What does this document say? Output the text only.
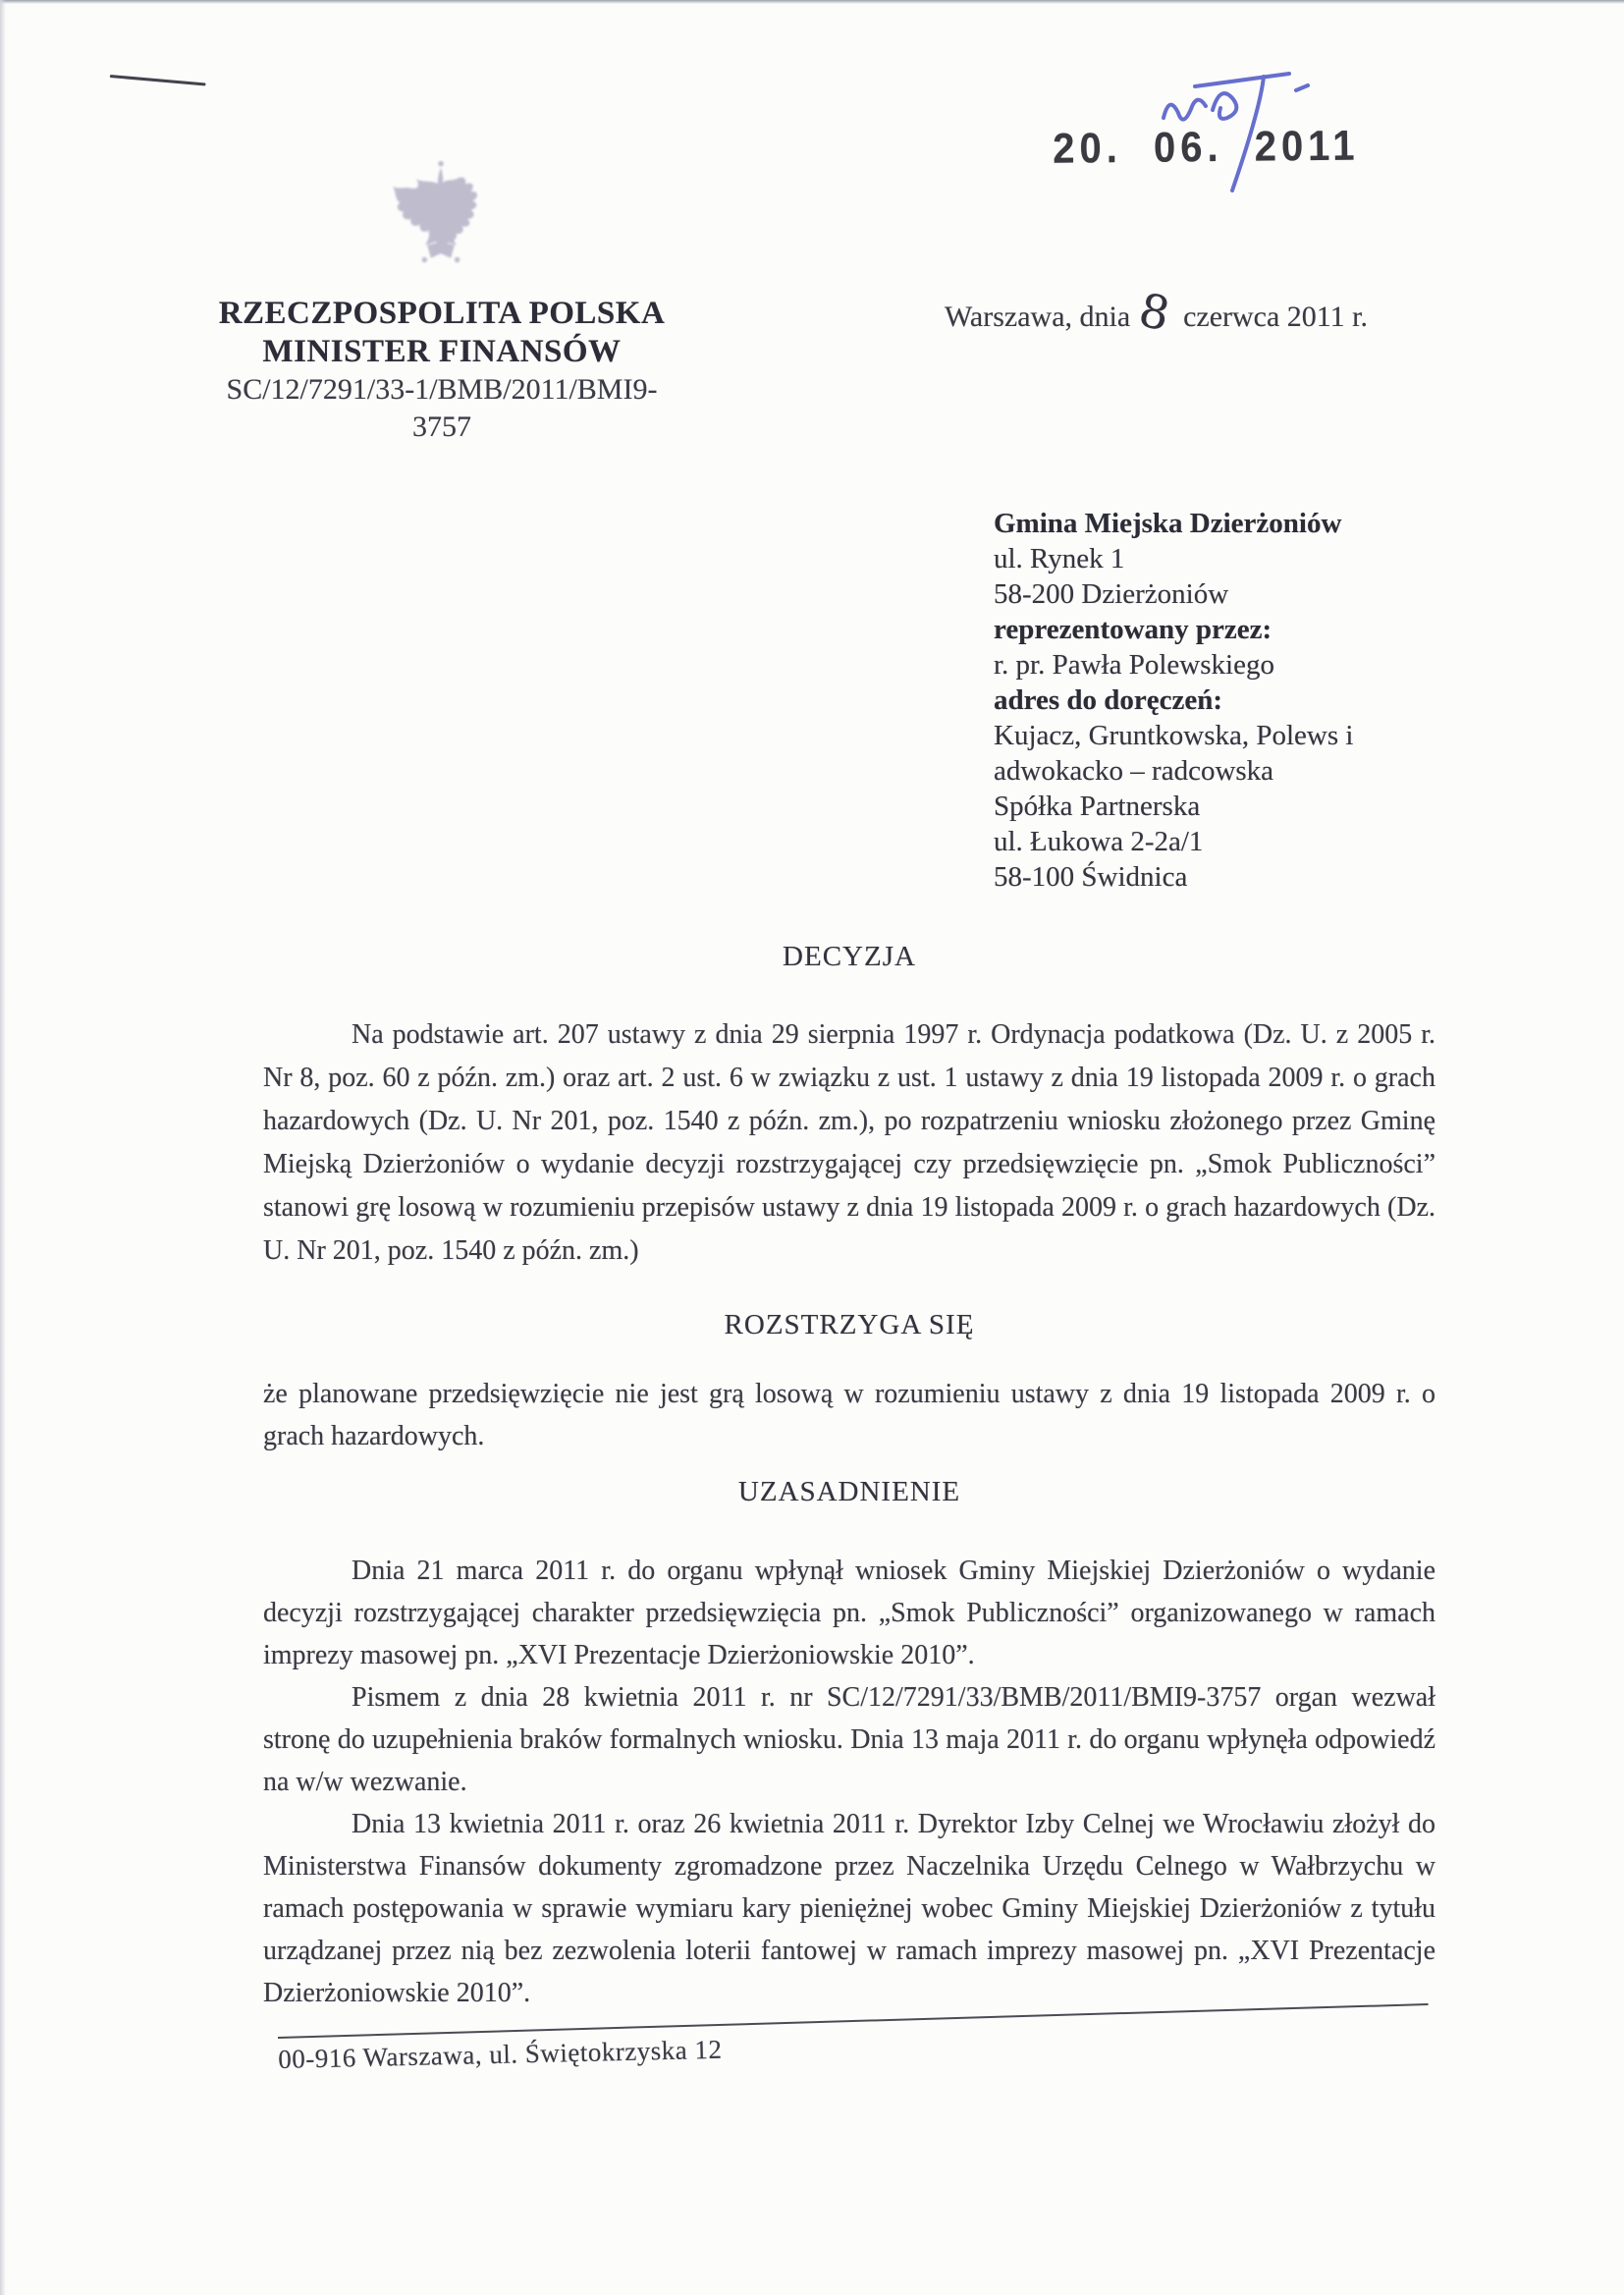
20. 06. 2011
RZECZPOSPOLITA POLSKA
MINISTER FINANSÓW
SC/12/7291/33-1/BMB/2011/BMI9-
3757
Warszawa, dnia8 czerwca 2011 r.
Gmina Miejska Dzierżoniów
ul. Rynek 1
58-200 Dzierżoniów
reprezentowany przez:
r. pr. Pawła Polewskiego
adres do doręczeń:
Kujacz, Gruntkowska, Polews i
adwokacko – radcowska
Spółka Partnerska
ul. Łukowa 2-2a/1
58-100 Świdnica
DECYZJA

Na podstawie art. 207 ustawy z dnia 29 sierpnia 1997 r. Ordynacja podatkowa (Dz. U. z 2005 r. Nr 8, poz. 60 z późn. zm.) oraz art. 2 ust. 6 w związku z ust. 1 ustawy z dnia 19 listopada 2009 r. o grach hazardowych (Dz. U. Nr 201, poz. 1540 z późn. zm.), po rozpatrzeniu wniosku złożonego przez Gminę Miejską Dzierżoniów o wydanie decyzji rozstrzygającej czy przedsięwzięcie pn. „Smok Publiczności” stanowi grę losową w rozumieniu przepisów ustawy z dnia 19 listopada 2009 r. o grach hazardowych (Dz. U. Nr 201, poz. 1540 z późn. zm.)

ROZSTRZYGA SIĘ

że planowane przedsięwzięcie nie jest grą losową w rozumieniu ustawy z dnia 19 listopada 2009 r. o grach hazardowych.

UZASADNIENIE

Dnia 21 marca 2011 r. do organu wpłynął wniosek Gminy Miejskiej Dzierżoniów o wydanie decyzji rozstrzygającej charakter przedsięwzięcia pn. „Smok Publiczności” organizowanego w ramach imprezy masowej pn. „XVI Prezentacje Dzierżoniowskie 2010”.

Pismem z dnia 28 kwietnia 2011 r. nr SC/12/7291/33/BMB/2011/BMI9-3757 organ wezwał stronę do uzupełnienia braków formalnych wniosku. Dnia 13 maja 2011 r. do organu wpłynęła odpowiedź na w/w wezwanie.

Dnia 13 kwietnia 2011 r. oraz 26 kwietnia 2011 r. Dyrektor Izby Celnej we Wrocławiu złożył do Ministerstwa Finansów dokumenty zgromadzone przez Naczelnika Urzędu Celnego w Wałbrzychu w ramach postępowania w sprawie wymiaru kary pieniężnej wobec Gminy Miejskiej Dzierżoniów z tytułu urządzanej przez nią bez zezwolenia loterii fantowej w ramach imprezy masowej pn. „XVI Prezentacje Dzierżoniowskie 2010”.

00-916 Warszawa, ul. Świętokrzyska 12
